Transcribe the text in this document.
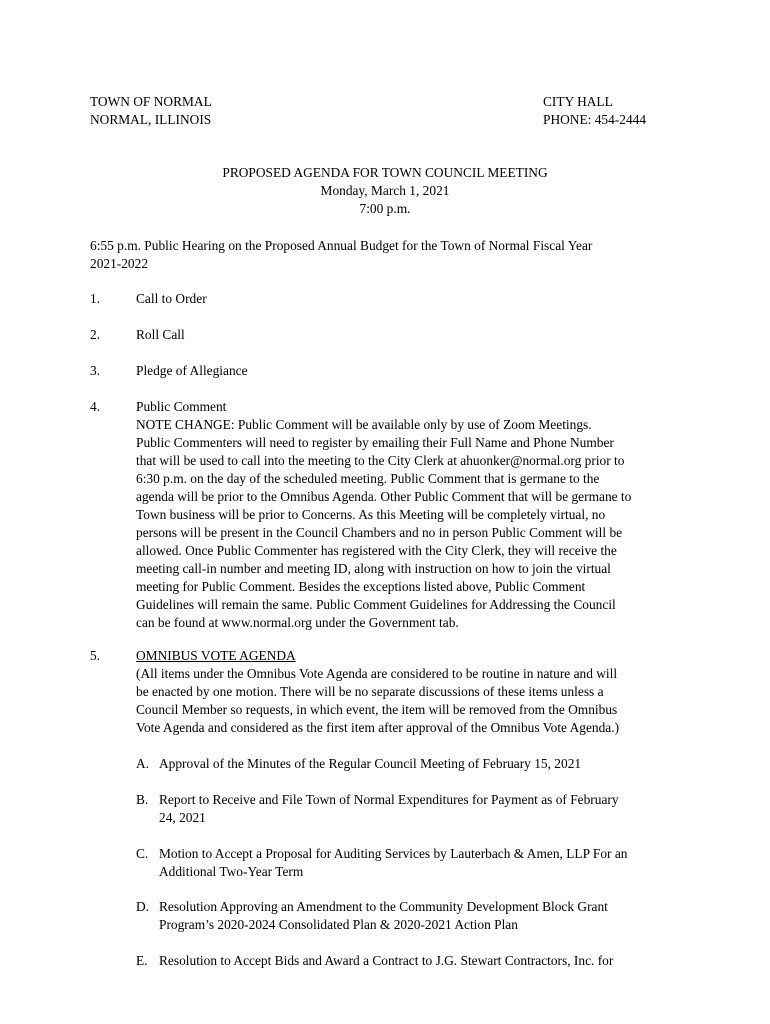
TOWN OF NORMAL
NORMAL, ILLINOIS
CITY HALL
PHONE: 454-2444
PROPOSED AGENDA FOR TOWN COUNCIL MEETING
Monday, March 1, 2021
7:00 p.m.
6:55 p.m. Public Hearing on the Proposed Annual Budget for the Town of Normal Fiscal Year
2021-2022
1.	Call to Order
2.	Roll Call
3.	Pledge of Allegiance
4.	Public Comment
NOTE CHANGE: Public Comment will be available only by use of Zoom Meetings.
Public Commenters will need to register by emailing their Full Name and Phone Number
that will be used to call into the meeting to the City Clerk at ahuonker@normal.org prior to
6:30 p.m. on the day of the scheduled meeting. Public Comment that is germane to the
agenda will be prior to the Omnibus Agenda. Other Public Comment that will be germane to
Town business will be prior to Concerns. As this Meeting will be completely virtual, no
persons will be present in the Council Chambers and no in person Public Comment will be
allowed. Once Public Commenter has registered with the City Clerk, they will receive the
meeting call-in number and meeting ID, along with instruction on how to join the virtual
meeting for Public Comment. Besides the exceptions listed above, Public Comment
Guidelines will remain the same. Public Comment Guidelines for Addressing the Council
can be found at www.normal.org under the Government tab.
5.	OMNIBUS VOTE AGENDA
(All items under the Omnibus Vote Agenda are considered to be routine in nature and will
be enacted by one motion. There will be no separate discussions of these items unless a
Council Member so requests, in which event, the item will be removed from the Omnibus
Vote Agenda and considered as the first item after approval of the Omnibus Vote Agenda.)
A. Approval of the Minutes of the Regular Council Meeting of February 15, 2021
B. Report to Receive and File Town of Normal Expenditures for Payment as of February
24, 2021
C. Motion to Accept a Proposal for Auditing Services by Lauterbach & Amen, LLP For an
Additional Two-Year Term
D. Resolution Approving an Amendment to the Community Development Block Grant
Program’s 2020-2024 Consolidated Plan & 2020-2021 Action Plan
E. Resolution to Accept Bids and Award a Contract to J.G. Stewart Contractors, Inc. for
